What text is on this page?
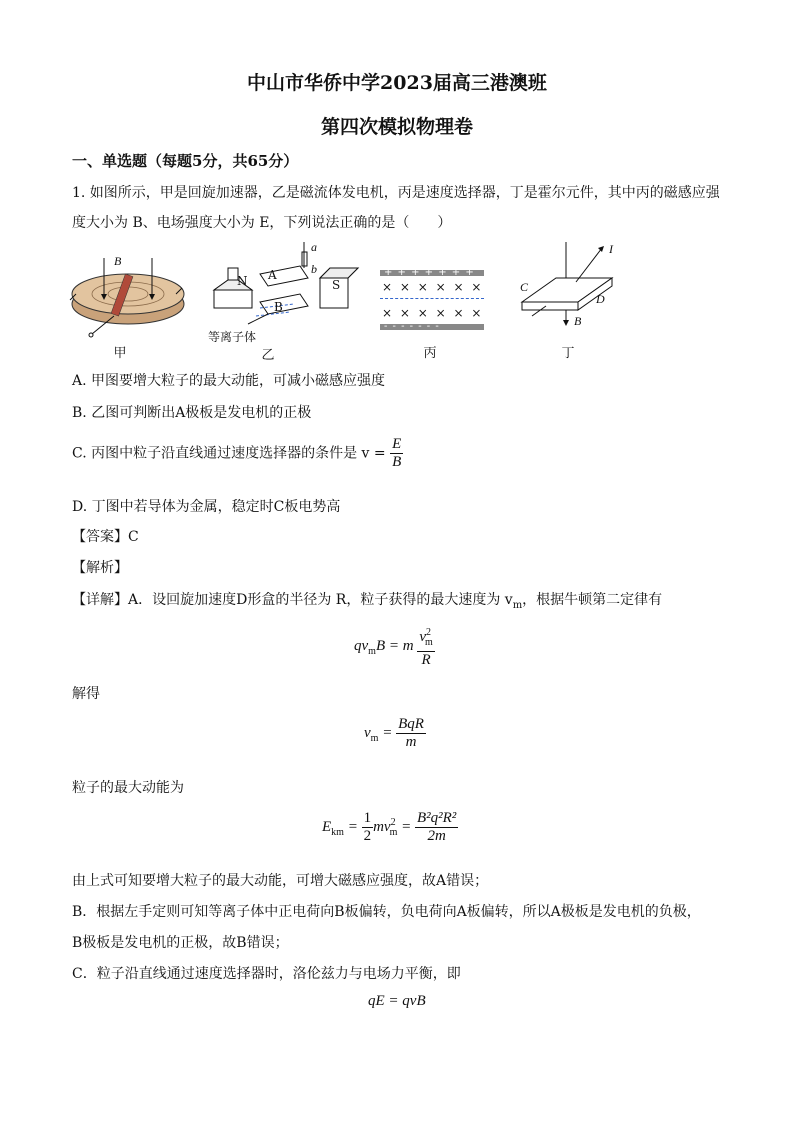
中山市华侨中学2023届高三港澳班
第四次模拟物理卷
一、单选题（每题5分，共65分）
1. 如图所示，甲是回旋加速器，乙是磁流体发电机，丙是速度选择器，丁是霍尔元件，其中丙的磁感应强
度大小为 B、电场强度大小为 E，下列说法正确的是（　　）
B
甲
a
b
N A
B
S
等离子体
乙
+ + + + + + +
× × × × × ×
× × × × × ×
- - - - - - -
丙
I
C
D
B
丁
A. 甲图要增大粒子的最大动能，可减小磁感应强度
B. 乙图可判断出A极板是发电机的正极
C. 丙图中粒子沿直线通过速度选择器的条件是 $v = \frac{E}{B}$
D. 丁图中若导体为金属，稳定时C板电势高
【答案】C
【解析】
【详解】A．设回旋加速度D形盒的半径为 R，粒子获得的最大速度为 $v_m$，根据牛顿第二定律有
$qv_mB = m \frac{v^2_m}{R}$
解得
$v_m = \frac{\text{BqR}}{m}$
粒子的最大动能为
$E_{km} = \frac{1}{2} mv^2_m = \frac{\text{B²q²R²}}{2m}$
由上式可知要增大粒子的最大动能，可增大磁感应强度，故A错误；
B．根据左手定则可知等离子体中正电荷向B板偏转，负电荷向A板偏转，所以A极板是发电机的负极，
B极板是发电机的正极，故B错误；
C．粒子沿直线通过速度选择器时，洛伦兹力与电场力平衡，即
qE = qvB
